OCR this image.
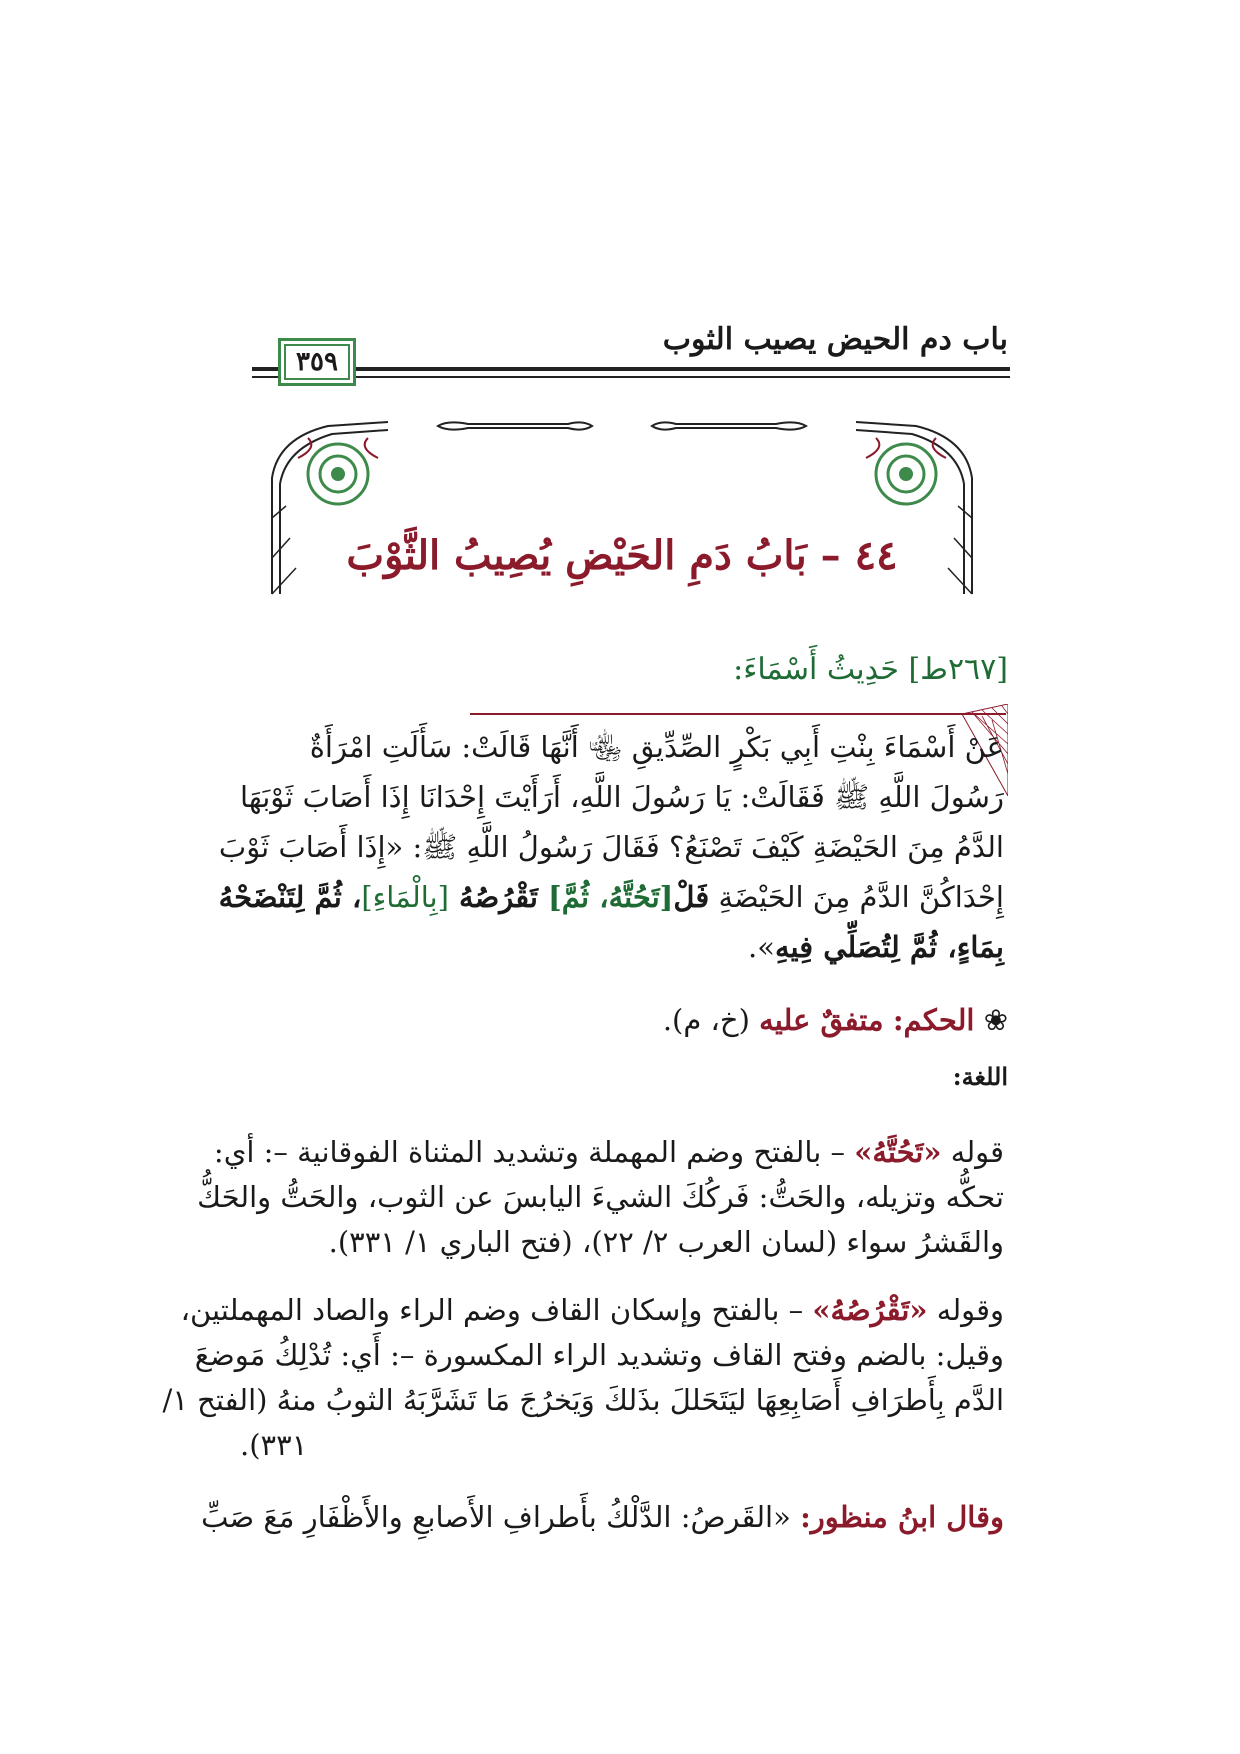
باب دم الحيض يصيب الثوب
٣٥٩
٤٤ – بَابُ دَمِ الحَيْضِ يُصِيبُ الثَّوْبَ
[٢٦٧ط] حَدِيثُ أَسْمَاءَ:
عَنْ أَسْمَاءَ بِنْتِ أَبِي بَكْرٍ الصِّدِّيقِ ﵄ أَنَّهَا قَالَتْ: سَأَلَتِ امْرَأَةٌ
رَسُولَ اللَّهِ ﷺ فَقَالَتْ: يَا رَسُولَ اللَّهِ، أَرَأَيْتَ إِحْدَانَا إِذَا أَصَابَ ثَوْبَهَا
الدَّمُ مِنَ الحَيْضَةِ كَيْفَ تَصْنَعُ؟ فَقَالَ رَسُولُ اللَّهِ ﷺ: «إِذَا أَصَابَ ثَوْبَ
إِحْدَاكُنَّ الدَّمُ مِنَ الحَيْضَةِ فَلْ[تَحُتَّهُ، ثُمَّ] تَقْرُصُهُ [بِالْمَاءِ]، ثُمَّ لِتَنْضَحْهُ
بِمَاءٍ، ثُمَّ لِتُصَلِّي فِيهِ».
❀ الحكم: متفقٌ عليه (خ، م).
اللغة:
قوله «تَحُتَّهُ» – بالفتح وضم المهملة وتشديد المثناة الفوقانية –: أي:
تحكُّه وتزيله، والحَتُّ: فَركُكَ الشيءَ اليابسَ عن الثوب، والحَتُّ والحَكُّ
والقَشرُ سواء (لسان العرب ٢/ ٢٢)، (فتح الباري ١/ ٣٣١).
وقوله «تَقْرُصُهُ» – بالفتح وإسكان القاف وضم الراء والصاد المهملتين،
وقيل: بالضم وفتح القاف وتشديد الراء المكسورة –: أَي: تُدْلِكُ مَوضعَ
الدَّم بِأَطرَافِ أَصَابِعِهَا ليَتَحَللَ بذَلكَ وَيَخرُجَ مَا تَشَرَّبَهُ الثوبُ منهُ (الفتح ١/
٣٣١).
وقال ابنُ منظور: «القَرصُ: الدَّلْكُ بأَطرافِ الأَصابعِ والأَظْفَارِ مَعَ صَبِّ
